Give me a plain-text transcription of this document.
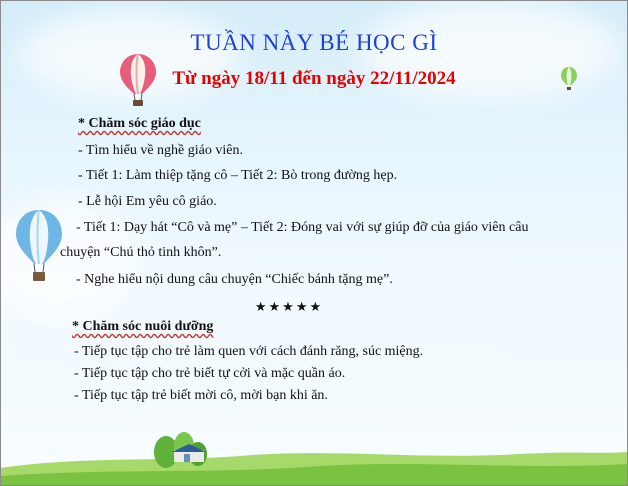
TUẦN NÀY BÉ HỌC GÌ
Từ ngày 18/11 đến ngày 22/11/2024
* Chăm sóc giáo dục
- Tìm hiểu về nghề giáo viên.
- Tiết 1: Làm thiệp tặng cô – Tiết 2: Bò trong đường hẹp.
- Lễ hội Em yêu cô giáo.
- Tiết 1: Dạy hát “Cô và mẹ” – Tiết 2: Đóng vai với sự giúp đỡ của giáo viên câu
chuyện “Chú thỏ tinh khôn”.
- Nghe hiểu nội dung câu chuyện “Chiếc bánh tặng mẹ”.
★★★★★
* Chăm sóc nuôi dưỡng
- Tiếp tục tập cho trẻ làm quen với cách đánh răng, súc miệng.
- Tiếp tục tập cho trẻ biết tự cởi và mặc quần áo.
- Tiếp tục tập trẻ biết mời cô, mời bạn khi ăn.
